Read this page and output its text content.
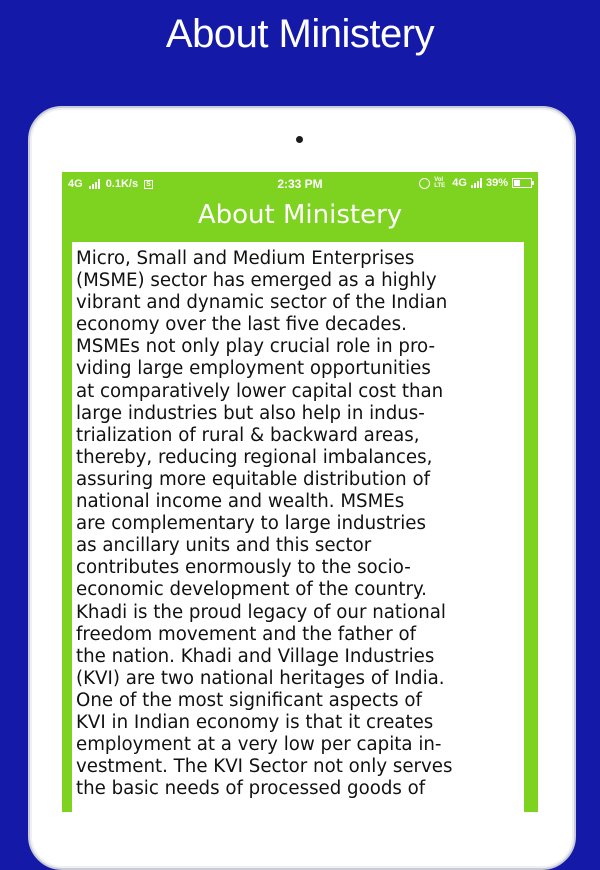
About Ministery
4G 0.1K/s S	2:33 PM	Vol LTE 4G 39%
About Ministery

Micro, Small and Medium Enterprises
(MSME) sector has emerged as a highly
vibrant and dynamic sector of the Indian
economy over the last five decades.
MSMEs not only play crucial role in pro-
viding large employment opportunities
at comparatively lower capital cost than
large industries but also help in indus-
trialization of rural & backward areas,
thereby, reducing regional imbalances,
assuring more equitable distribution of
national income and wealth. MSMEs
are complementary to large industries
as ancillary units and this sector
contributes enormously to the socio-
economic development of the country.
Khadi is the proud legacy of our national
freedom movement and the father of
the nation. Khadi and Village Industries
(KVI) are two national heritages of India.
One of the most significant aspects of
KVI in Indian economy is that it creates
employment at a very low per capita in-
vestment. The KVI Sector not only serves
the basic needs of processed goods of
